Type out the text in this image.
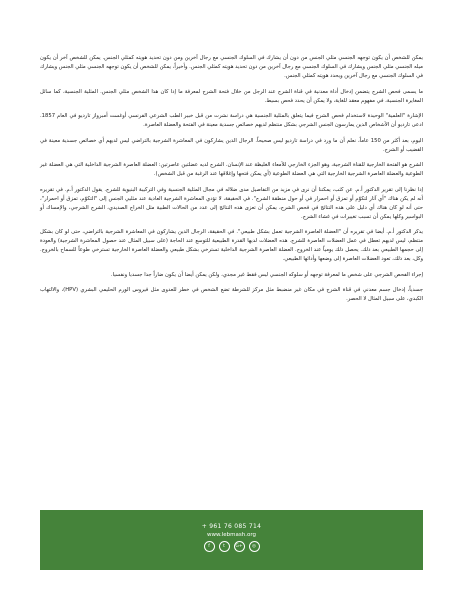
يمكن للشخص أن يكون توجهه الجنسي مثلي الجنس من دون أن يشارك في السلوك الجنسي مع رجال آخرين ومن دون تحديد هويته كمثلي الجنس. يمكن للشخص آخر أن يكون ميله الجنسي مثلي الجنس ويشارك في السلوك الجنسي مع رجال آخرين من دون تحديد هويته كمثلي الجنس. وأخيراً، يمكن للشخص أن يكون توجهه الجنسي مثلي الجنس ويشارك في السلوك الجنسي مع رجال آخرين ويحدد هويته كمثلي الجنس.

ما يسمى فحص الشرج يتضمن إدخال أداة معدنية في قناة الشرج عند الرجل من خلال فتحة الشرج لمعرفة ما إذا كان هذا الشخص مثلي الجنس. المثلية الجنسية، كما سائل المغايرة الجنسية، في مفهوم معقد للغاية، ولا يمكن أن يحدد فحص بسيط.

الإشارة "العلمية" الوحيدة لاستخدام فحص الشرج فيما يتعلق بالمثلية الجنسية هي دراسة نشرت من قبل خبير الطب الشرعي الفرنسي أوغست أمبرواز تارديو في العام 1857. ادعى تارديو أن الأشخاص الذين يمارسون الجنس الشرجي بشكل منتظم لديهم خصائص جسدية معينة في الفتحة والعضلة العاصرة.

اليوم، بعد أكثر من 150 عاماً، نعلم أن ما ورد في دراسة تارديو ليس صحيحاً. الرجال الذين يشاركون في المعاشرة الشرجية بالتراضي ليس لديهم أي خصائص جسدية معينة في القضيب أو الشرج.

الشرج هو الفتحة الخارجية للقناة الشرجية، وهو الجزء الخارجي للأمعاء الغليظة عند الإنسان. الشرج لديه عضلتين عاصرتين: العضلة العاصرة الشرجية الداخلية التي هي العضلة غير الطوعية والعضلة العاصرة الشرجية الخارجية التي هي العضلة الطوعية (أي يمكن فتحها وإغلاقها عند الرغبة من قبل الشخص).

إذا نظرنا إلى تقرير الدكتور أ.م. عن كثب، يمكننا أن نرى في مزيد من التفاصيل مدى ضلاله في مجال المثلية الجنسية وفي التركيبة البنيوية للشرج. يقول الدكتور أ.م. في تقريره أنه لم يكن هناك "أي آثار لتكوّم أو تمزق أو احمرار في أو حول منطقة الشرج". في الحقيقة، لا تؤدي المعاشرة الشرجية العادية عند مثليي الجنس إلى "التكوّم، تمزق أو احمرار"، حتى أنه لو كان هناك أي دليل على هذه النتائج في فحص الشرج، يمكن أن تعزى هذه النتائج إلى عدد من الحالات الطبية مثل الخراج الصديدي، الشرج الشرجي، والإمساك أو البواسير وكلها يمكن أن تسبب تغييرات في غشاء الشرج.

يذكر الدكتور أ.م. أيضا في تقريره أن "العضلة العاصرة الشرجية تعمل بشكل طبيعي". في الحقيقة، الرجال الذين يشاركون في المعاشرة الشرجية بالتراضي، حتى لو كان بشكل منتظم، ليس لديهم تعطل في عمل العضلات العاصرة للشرج. هذه العضلات لديها القدرة الطبيعية للتوسع عند الحاجة (على سبيل المثال عند حصول المعاشرة الشرجية) والعودة إلى حجمها الطبيعي بعد ذلك. يحصل ذلك يومياً عند الخروج. العضلة العاصرة الشرجية الداخلية تسترخي بشكل طبيعي والعضلة العاصرة الخارجية تسترخي طوعاً للسماح بالخروج. وكل، بعد ذلك، تعود العضلات العاصرة إلى وضعها وأدائها الطبيعي.

إجراء الفحص الشرجي على شخص ما لمعرفة توجهه أو سلوكه الجنسي ليس فقط غير مجدي، ولكن يمكن أيضا أن يكون ضاراً جدا جسديا ونفسيا.

جسدياً، إدخال جسم معدني في قناة الشرج في مكان غير منضبط مثل مركز للشرطة تضع الشخص في خطر للعدوى مثل فيروس الورم الحليمي البشري (HPV)، والالتهاب الكبدي، على سبيل المثال لا الحصر.

+ 961 76 085 714
www.lebmash.org
f	t	G+	◎
